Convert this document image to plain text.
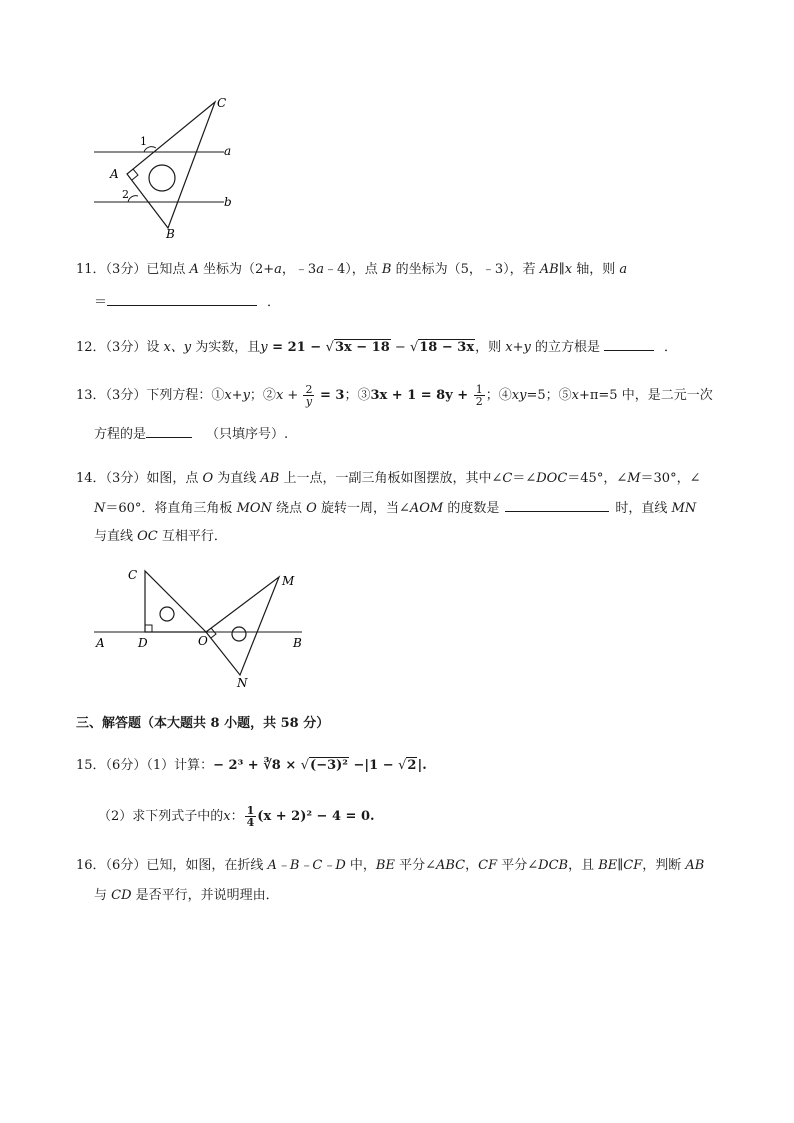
C
A
B
a
b
1
2
11．（3分）已知点 A 坐标为（2+a，﹣3a﹣4），点 B 的坐标为（5，﹣3），若 AB∥x 轴，则 a
＝	．
12．（3分）设 x、y 为实数，且y = 21 − √3x − 18 − √18 − 3x，则 x+y 的立方根是	．
13．（3分）下列方程：①x+y；②x + $\frac{2}{y} = 3$；③3x + $1 = 8y + \frac{1}{2}$ ；④xy=5；⑤x+π=5 中，是二元一次
方程的是	（只填序号）.
14．（3分）如图，点 O 为直线 AB 上一点，一副三角板如图摆放，其中∠C＝∠DOC＝45°，∠M＝30°，∠
N＝60°．将直角三角板 MON 绕点 O 旋转一周，当∠AOM 的度数是	时，直线 MN
与直线 OC 互相平行．
C	M
A	D	O	B
N
三、解答题（本大题共 8 小题，共 58 分）
15．（6分）（1）计算：− 2³ + ∛8 × √(−3)² −|1 − √2|.
（2）求下列式子中的x： $\frac{1}{4} (x + 2)^2 - 4 = 0$.
16．（6分）已知，如图，在折线 A﹣B﹣C﹣D 中，BE 平分∠ABC，CF 平分∠DCB，且 BE∥CF，判断 AB
与 CD 是否平行，并说明理由．
